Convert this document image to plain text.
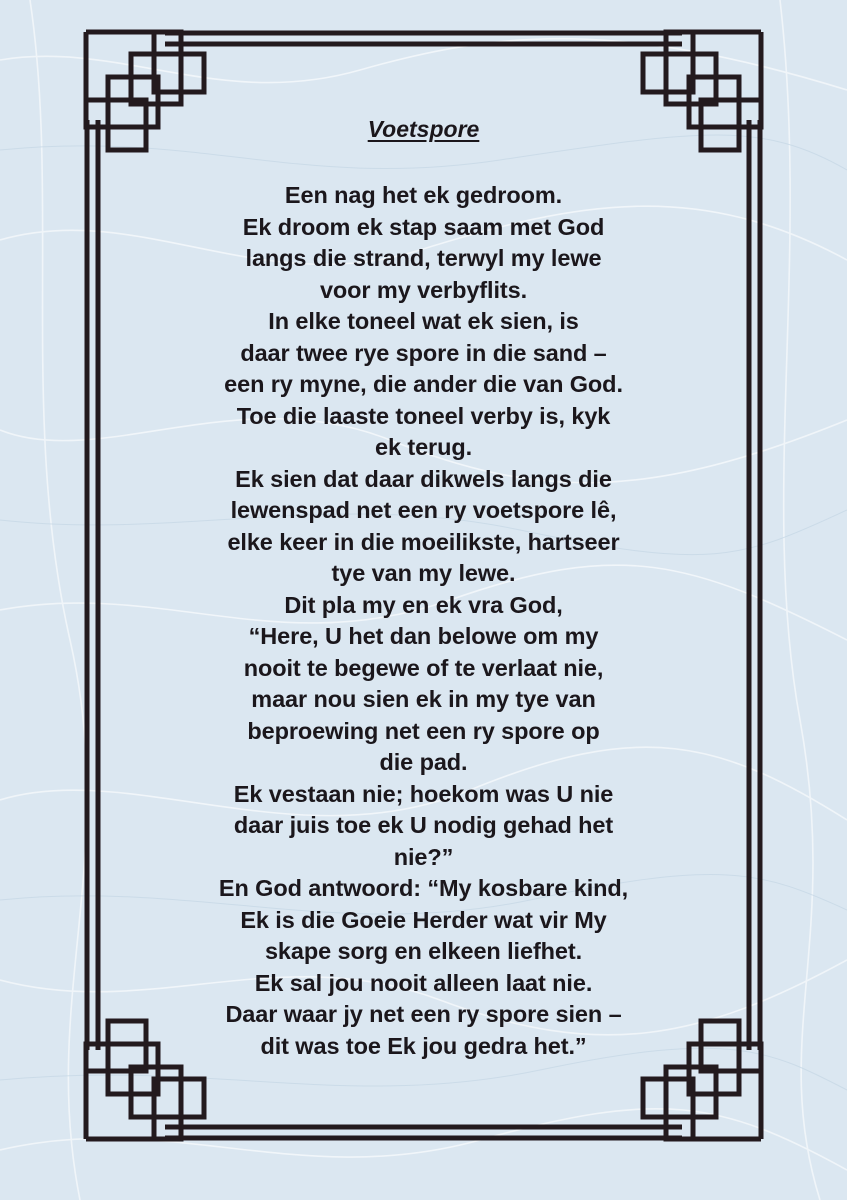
Voetspore
Een nag het ek gedroom.
Ek droom ek stap saam met God
langs die strand, terwyl my lewe
voor my verbyflits.
In elke toneel wat ek sien, is
daar twee rye spore in die sand –
een ry myne, die ander die van God.
Toe die laaste toneel verby is, kyk
ek terug.
Ek sien dat daar dikwels langs die
lewenspad net een ry voetspore lê,
elke keer in die moeilikste, hartseer
tye van my lewe.
Dit pla my en ek vra God,
“Here, U het dan belowe om my
nooit te begewe of te verlaat nie,
maar nou sien ek in my tye van
beproewing net een ry spore op
die pad.
Ek vestaan nie; hoekom was U nie
daar juis toe ek U nodig gehad het
nie?”
En God antwoord: “My kosbare kind,
Ek is die Goeie Herder wat vir My
skape sorg en elkeen liefhet.
Ek sal jou nooit alleen laat nie.
Daar waar jy net een ry spore sien –
dit was toe Ek jou gedra het.”
